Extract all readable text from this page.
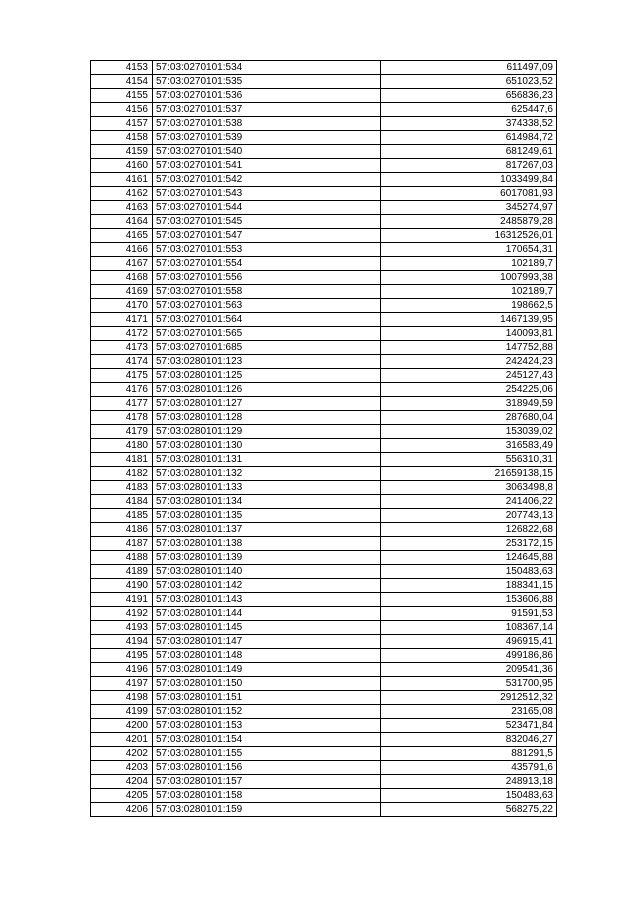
4153	57:03:0270101:534	611497,09
4154	57:03:0270101:535	651023,52
4155	57:03:0270101:536	656836,23
4156	57:03:0270101:537	625447,6
4157	57:03:0270101:538	374338,52
4158	57:03:0270101:539	614984,72
4159	57:03:0270101:540	681249,61
4160	57:03:0270101:541	817267,03
4161	57:03:0270101:542	1033499,84
4162	57:03:0270101:543	6017081,93
4163	57:03:0270101:544	345274,97
4164	57:03:0270101:545	2485879,28
4165	57:03:0270101:547	16312526,01
4166	57:03:0270101:553	170654,31
4167	57:03:0270101:554	102189,7
4168	57:03:0270101:556	1007993,38
4169	57:03:0270101:558	102189,7
4170	57:03:0270101:563	198662,5
4171	57:03:0270101:564	1467139,95
4172	57:03:0270101:565	140093,81
4173	57:03:0270101:685	147752,88
4174	57:03:0280101:123	242424,23
4175	57:03:0280101:125	245127,43
4176	57:03:0280101:126	254225,06
4177	57:03:0280101:127	318949,59
4178	57:03:0280101:128	287680,04
4179	57:03:0280101:129	153039,02
4180	57:03:0280101:130	316583,49
4181	57:03:0280101:131	556310,31
4182	57:03:0280101:132	21659138,15
4183	57:03:0280101:133	3063498,8
4184	57:03:0280101:134	241406,22
4185	57:03:0280101:135	207743,13
4186	57:03:0280101:137	126822,68
4187	57:03:0280101:138	253172,15
4188	57:03:0280101:139	124645,88
4189	57:03:0280101:140	150483,63
4190	57:03:0280101:142	188341,15
4191	57:03:0280101:143	153606,88
4192	57:03:0280101:144	91591,53
4193	57:03:0280101:145	108367,14
4194	57:03:0280101:147	496915,41
4195	57:03:0280101:148	499186,86
4196	57:03:0280101:149	209541,36
4197	57:03:0280101:150	531700,95
4198	57:03:0280101:151	2912512,32
4199	57:03:0280101:152	23165,08
4200	57:03:0280101:153	523471,84
4201	57:03:0280101:154	832046,27
4202	57:03:0280101:155	881291,5
4203	57:03:0280101:156	435791,6
4204	57:03:0280101:157	248913,18
4205	57:03:0280101:158	150483,63
4206	57:03:0280101:159	568275,22
